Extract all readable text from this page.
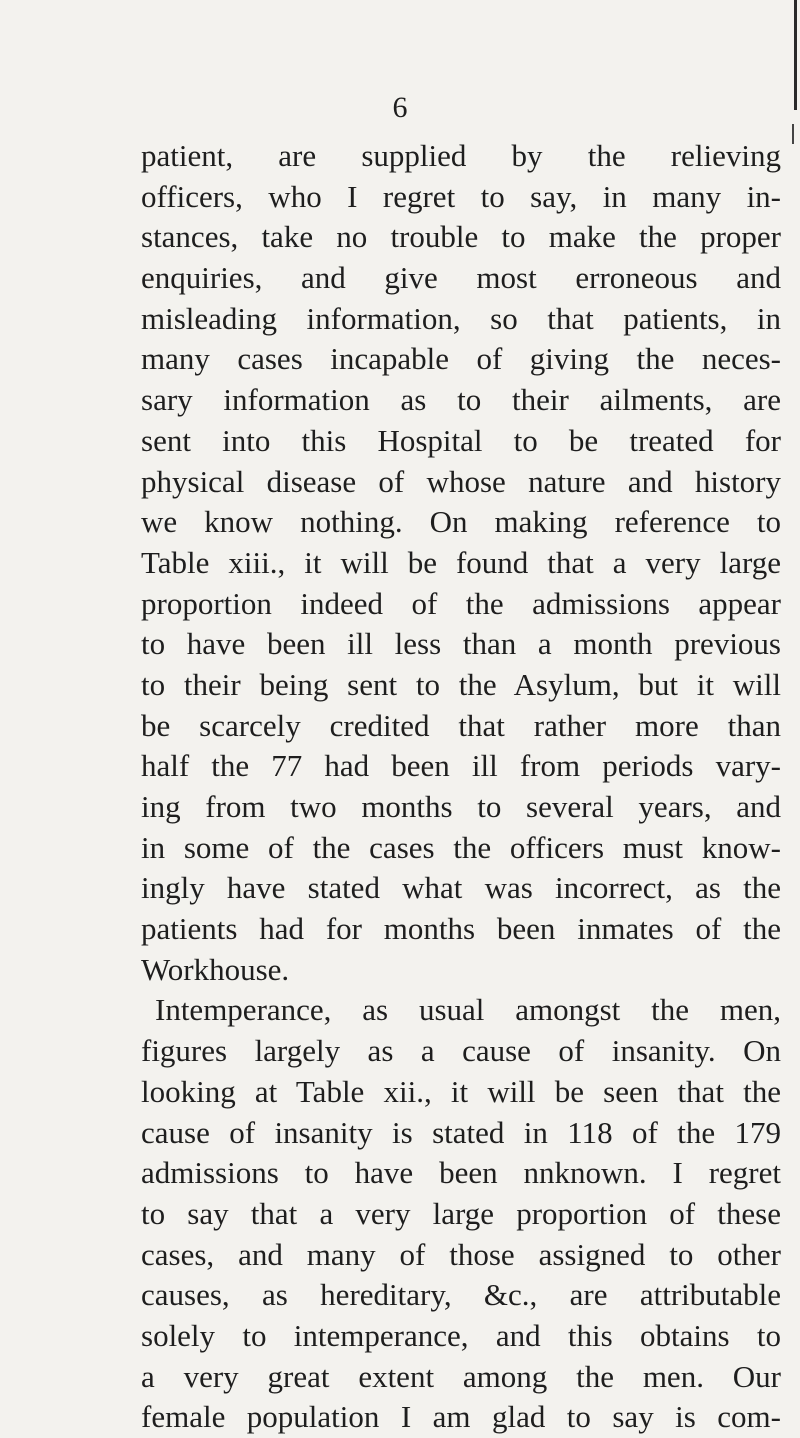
6
patient, are supplied by the relieving
officers, who I regret to say, in many in-
stances, take no trouble to make the proper
enquiries, and give most erroneous and
misleading information, so that patients, in
many cases incapable of giving the neces-
sary information as to their ailments, are
sent into this Hospital to be treated for
physical disease of whose nature and history
we know nothing. On making reference to
Table xiii., it will be found that a very large
proportion indeed of the admissions appear
to have been ill less than a month previous
to their being sent to the Asylum, but it will
be scarcely credited that rather more than
half the 77 had been ill from periods vary-
ing from two months to several years, and
in some of the cases the officers must know-
ingly have stated what was incorrect, as the
patients had for months been inmates of the
Workhouse.
Intemperance, as usual amongst the men,
figures largely as a cause of insanity. On
looking at Table xii., it will be seen that the
cause of insanity is stated in 118 of the 179
admissions to have been nnknown. I regret
to say that a very large proportion of these
cases, and many of those assigned to other
causes, as hereditary, &c., are attributable
solely to intemperance, and this obtains to
a very great extent among the men. Our
female population I am glad to say is com-
